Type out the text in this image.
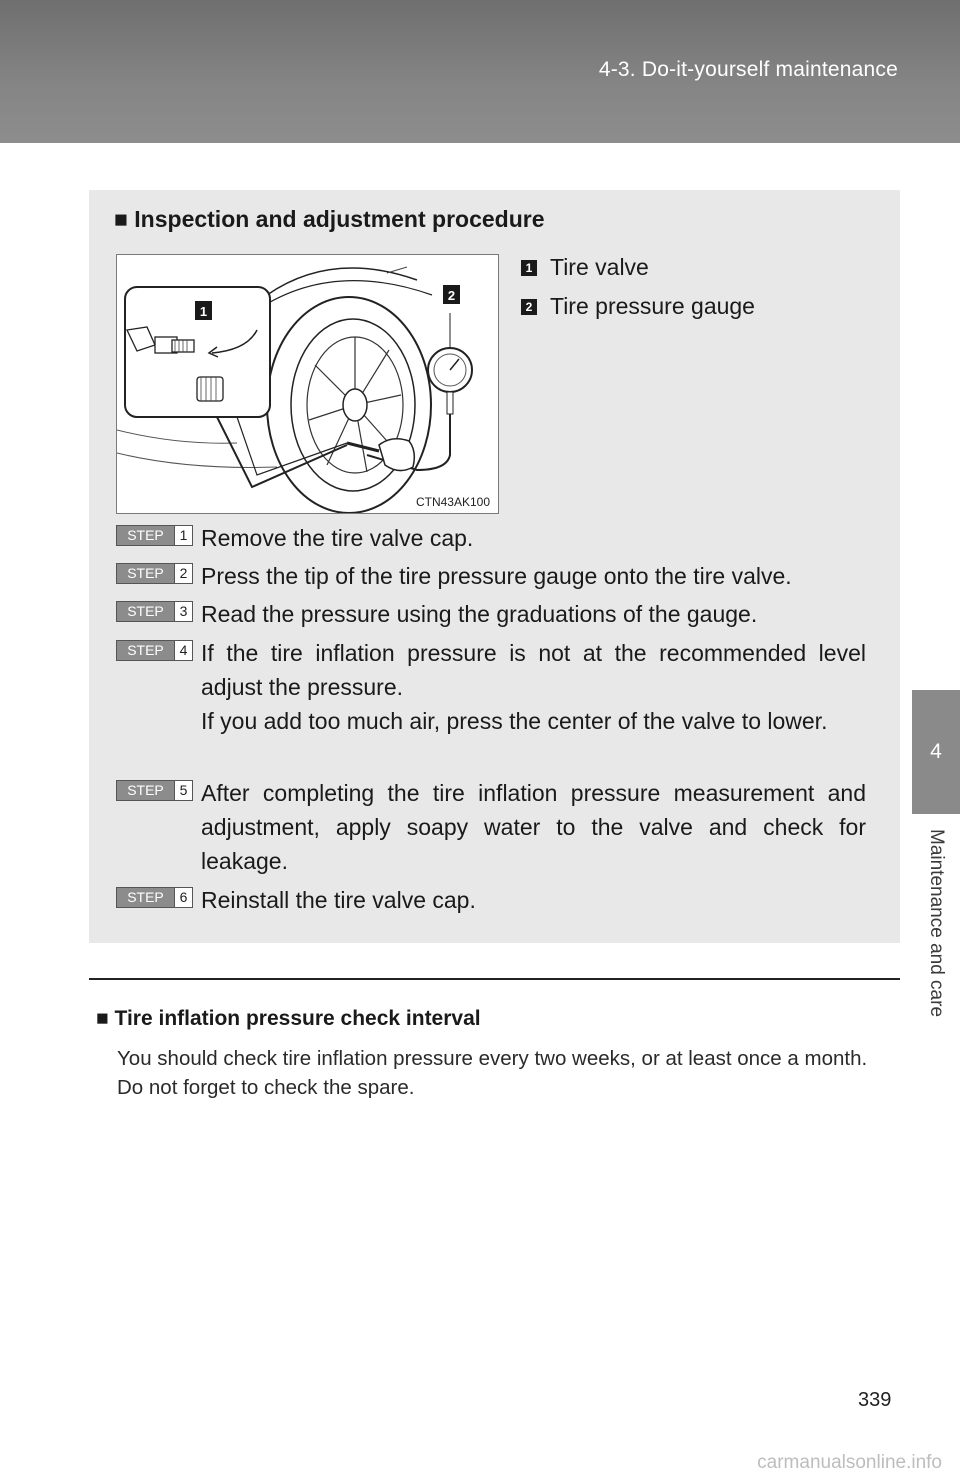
4-3. Do-it-yourself maintenance
4
Maintenance and care
■ Inspection and adjustment procedure
1
2
CTN43AK100
1 Tire valve
2 Tire pressure gauge
STEP	1 Remove the tire valve cap.

STEP	2 Press the tip of the tire pressure gauge onto the tire valve.

STEP	3 Read the pressure using the graduations of the gauge.

STEP	4 If the tire inflation pressure is not at the recommended level adjust the pressure.

If you add too much air, press the center of the valve to lower.

STEP	5 After completing the tire inflation pressure measurement and adjustment, apply soapy water to the valve and check for leakage.

STEP	6 Reinstall the tire valve cap.

■ Tire inflation pressure check interval

You should check tire inflation pressure every two weeks, or at least once a month.

Do not forget to check the spare.

339
carmanualsonline.info
